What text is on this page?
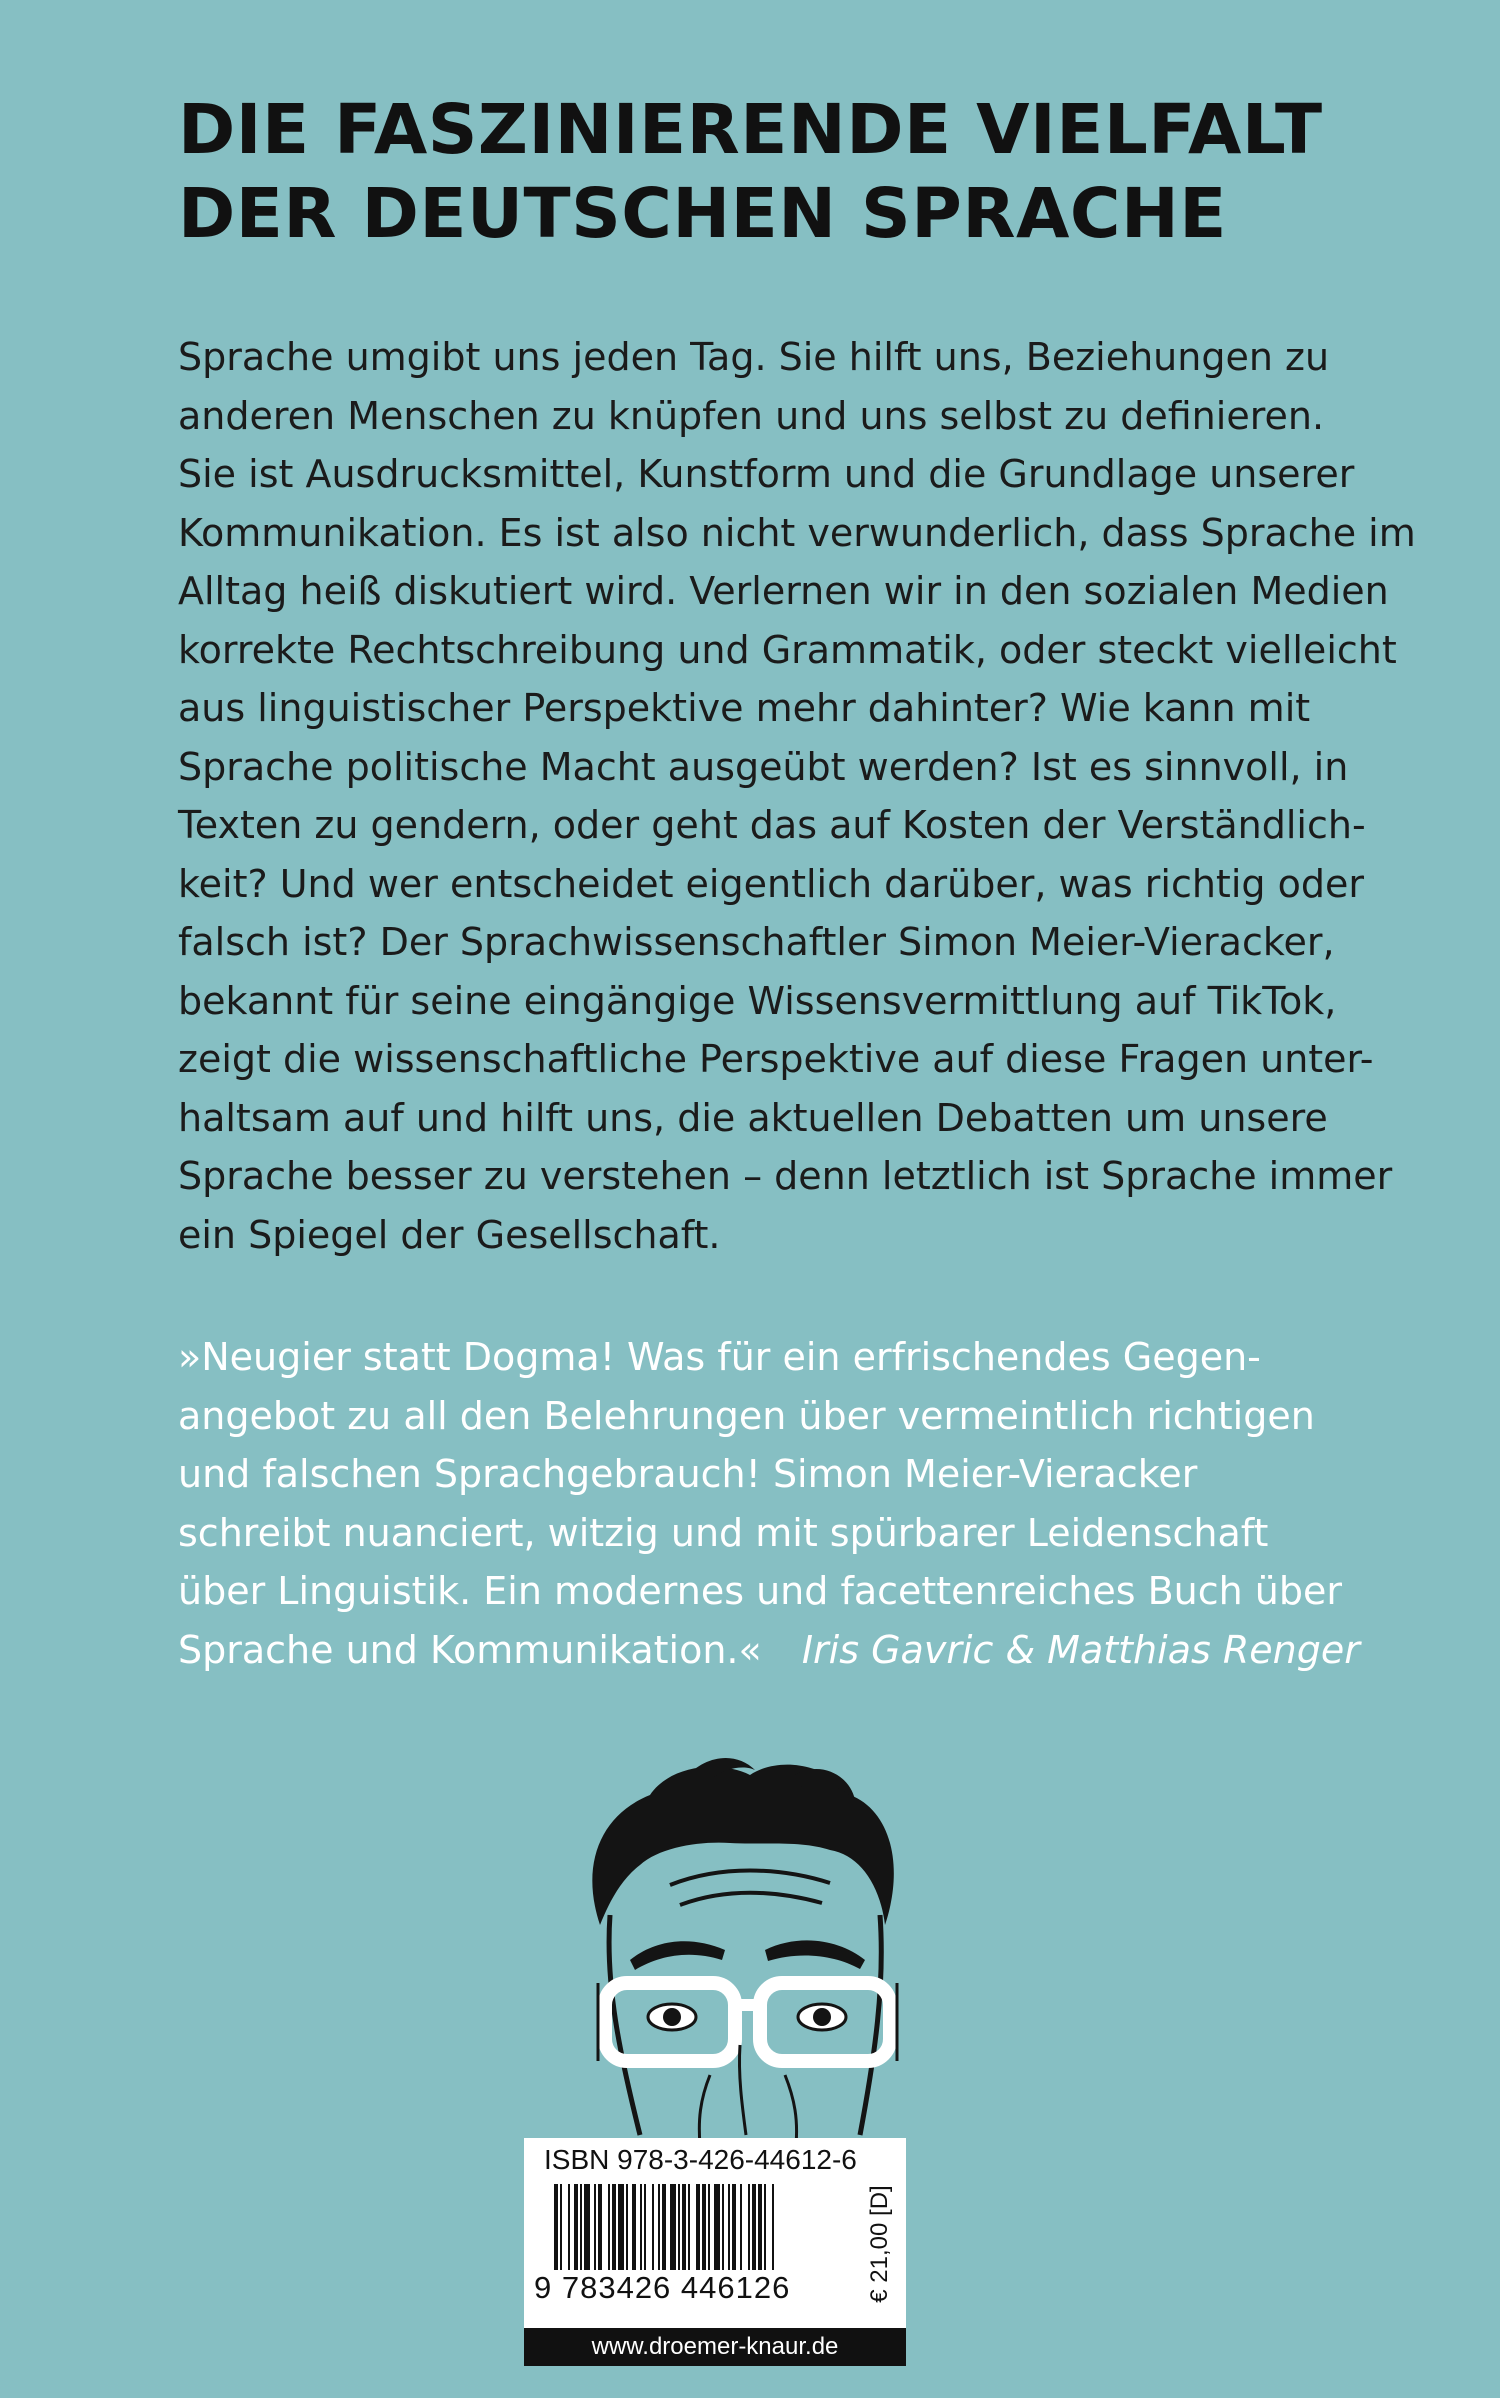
DIE FASZINIERENDE VIELFALT
DER DEUTSCHEN SPRACHE
Sprache umgibt uns jeden Tag. Sie hilft uns, Beziehungen zu
anderen Menschen zu knüpfen und uns selbst zu definieren.
Sie ist Ausdrucksmittel, Kunstform und die Grundlage unserer
Kommunikation. Es ist also nicht verwunderlich, dass Sprache im
Alltag heiß diskutiert wird. Verlernen wir in den sozialen Medien
korrekte Rechtschreibung und Grammatik, oder steckt vielleicht
aus linguistischer Perspektive mehr dahinter? Wie kann mit
Sprache politische Macht ausgeübt werden? Ist es sinnvoll, in
Texten zu gendern, oder geht das auf Kosten der Verständlich-
keit? Und wer entscheidet eigentlich darüber, was richtig oder
falsch ist? Der Sprachwissenschaftler Simon Meier-Vieracker,
bekannt für seine eingängige Wissensvermittlung auf TikTok,
zeigt die wissenschaftliche Perspektive auf diese Fragen unter-
haltsam auf und hilft uns, die aktuellen Debatten um unsere
Sprache besser zu verstehen – denn letztlich ist Sprache immer
ein Spiegel der Gesellschaft.
»Neugier statt Dogma! Was für ein erfrischendes Gegen-
angebot zu all den Belehrungen über vermeintlich richtigen
und falschen Sprachgebrauch! Simon Meier-Vieracker
schreibt nuanciert, witzig und mit spürbarer Leidenschaft
über Linguistik. Ein modernes und facettenreiches Buch über
Sprache und Kommunikation.« Iris Gavric & Matthias Renger
ISBN 978-3-426-44612-6
9 783426 446126	€ 21,00 [D]
www.droemer-knaur.de
